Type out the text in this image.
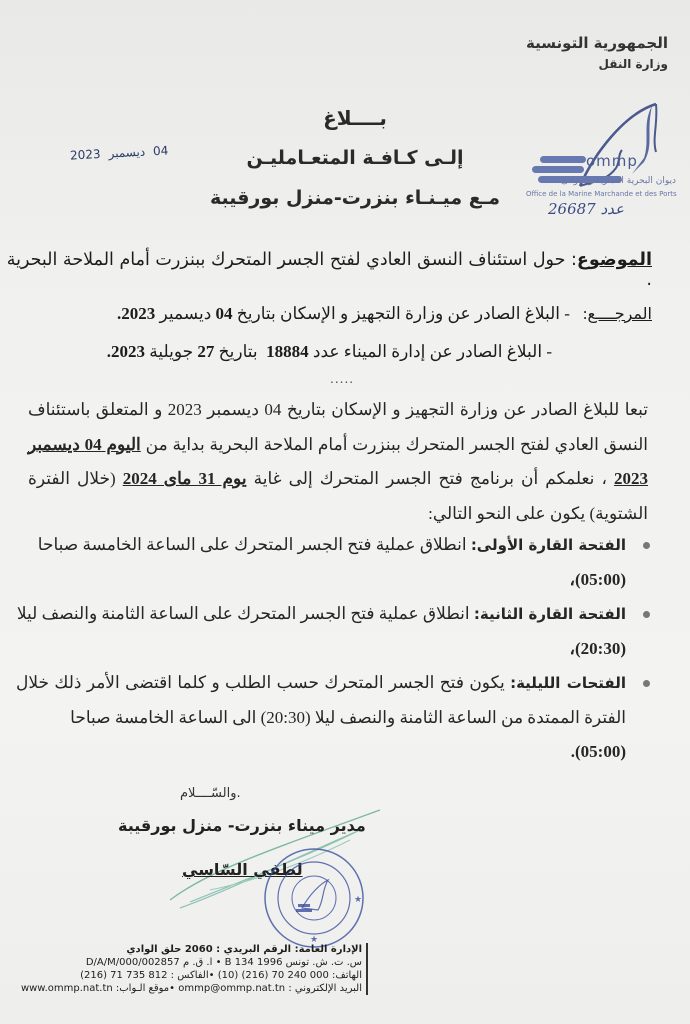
الجمهورية التونسية
وزارة النقل
ommp
ديوان البحرية التجارية والموانئ
Office de la Marine Marchande et des Ports
عدد 26687
04ديسمبر2023
بــــلاغ
إلـى كـافـة المتعـامليـن
مـع ميـنـاء بنزرت-منزل بورقيبة
الموضوع: حول استئناف النسق العادي لفتح الجسر المتحرك ببنزرت أمام الملاحة البحرية .
المرجــــع:   - البلاغ الصادر عن وزارة التجهيز و الإسكان بتاريخ 04 ديسمير 2023.
- البلاغ الصادر عن إدارة الميناء عدد 18884  بتاريخ 27 جويلية 2023.
.....
تبعا للبلاغ الصادر عن وزارة التجهيز و الإسكان بتاريخ 04 ديسمبر 2023 و المتعلق باستئناف النسق العادي لفتح الجسر المتحرك ببنزرت أمام الملاحة البحرية بداية من اليوم 04 ديسمبر 2023 ، نعلمكم أن برنامج فتح الجسر المتحرك إلى غاية يوم 31 ماى 2024 (خلال الفترة الشتوية) يكون على النحو التالي:
الفتحة القارة الأولى: انطلاق عملية فتح الجسر المتحرك على الساعة الخامسة صباحا
(05:00)،
الفتحة القارة الثانية: انطلاق عملية فتح الجسر المتحرك على الساعة الثامنة والنصف ليلا
(20:30)،
الفتحات الليلية: يكون فتح الجسر المتحرك حسب الطلب و كلما اقتضى الأمر ذلك خلال الفترة الممتدة من الساعة الثامنة والنصف ليلا (20:30) الى الساعة الخامسة صباحا
(05:00).
والسّــــلام.
مدير ميناء بنزرت- منزل بورقيبة
لطفي السّاسي
★
★
الإدارة العامة: الرقم البريدي : 2060 حلق الوادي
س. ت. ش. تونس 1996 B 134 • ا. ق. م 002857/D/A/M/000
الهاتف: 000 240 70 (216) (10) •الفاكس : 812 735 71 (216)
البريد الإلكتروني : ommp@ommp.nat.tn •موقع الـواب: www.ommp.nat.tn
